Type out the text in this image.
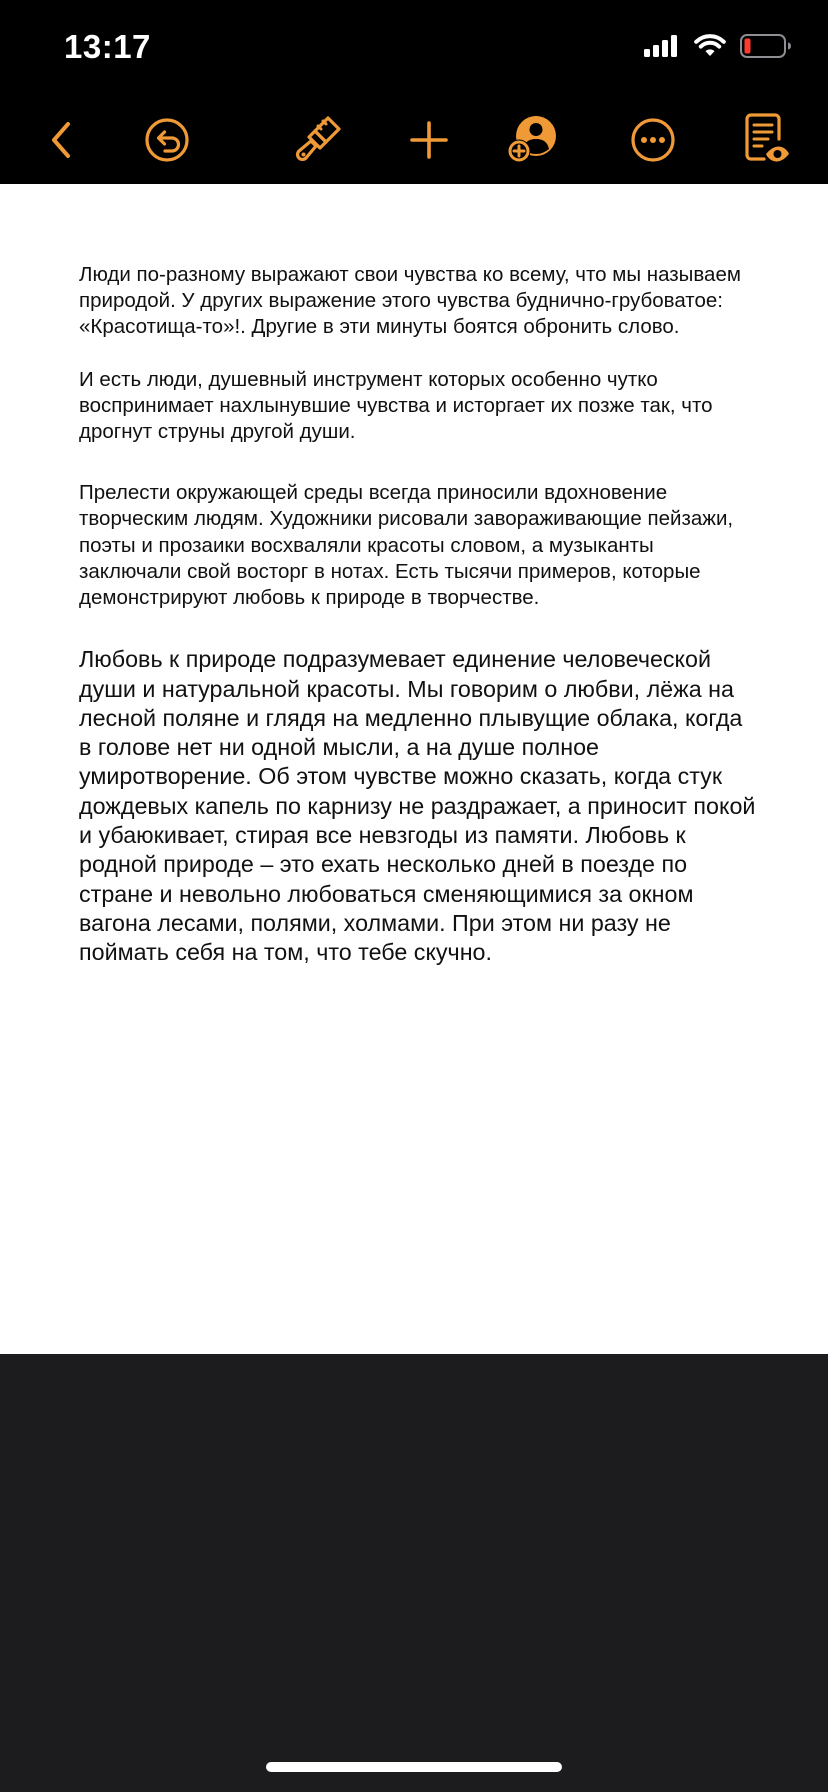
13:17

Люди по-разному выражают свои чувства ко всему, что мы называем природой. У других выражение этого чувства буднично-грубоватое: «Красотища-то»!. Другие в эти минуты боятся обронить слово.

И есть люди, душевный инструмент которых особенно чутко воспринимает нахлынувшие чувства и исторгает их позже так, что дрогнут струны другой души.

Прелести окружающей среды всегда приносили вдохновение творческим людям. Художники рисовали завораживающие пейзажи, поэты и прозаики восхваляли красоты словом, а музыканты заключали свой восторг в нотах. Есть тысячи примеров, которые демонстрируют любовь к природе в творчестве.

Любовь к природе подразумевает единение человеческой души и натуральной красоты. Мы говорим о любви, лёжа на лесной поляне и глядя на медленно плывущие облака, когда в голове нет ни одной мысли, а на душе полное умиротворение. Об этом чувстве можно сказать, когда стук дождевых капель по карнизу не раздражает, а приносит покой и убаюкивает, стирая все невзгоды из памяти. Любовь к родной природе – это ехать несколько дней в поезде по стране и невольно любоваться сменяющимися за окном вагона лесами, полями, холмами. При этом ни разу не поймать себя на том, что тебе скучно.
